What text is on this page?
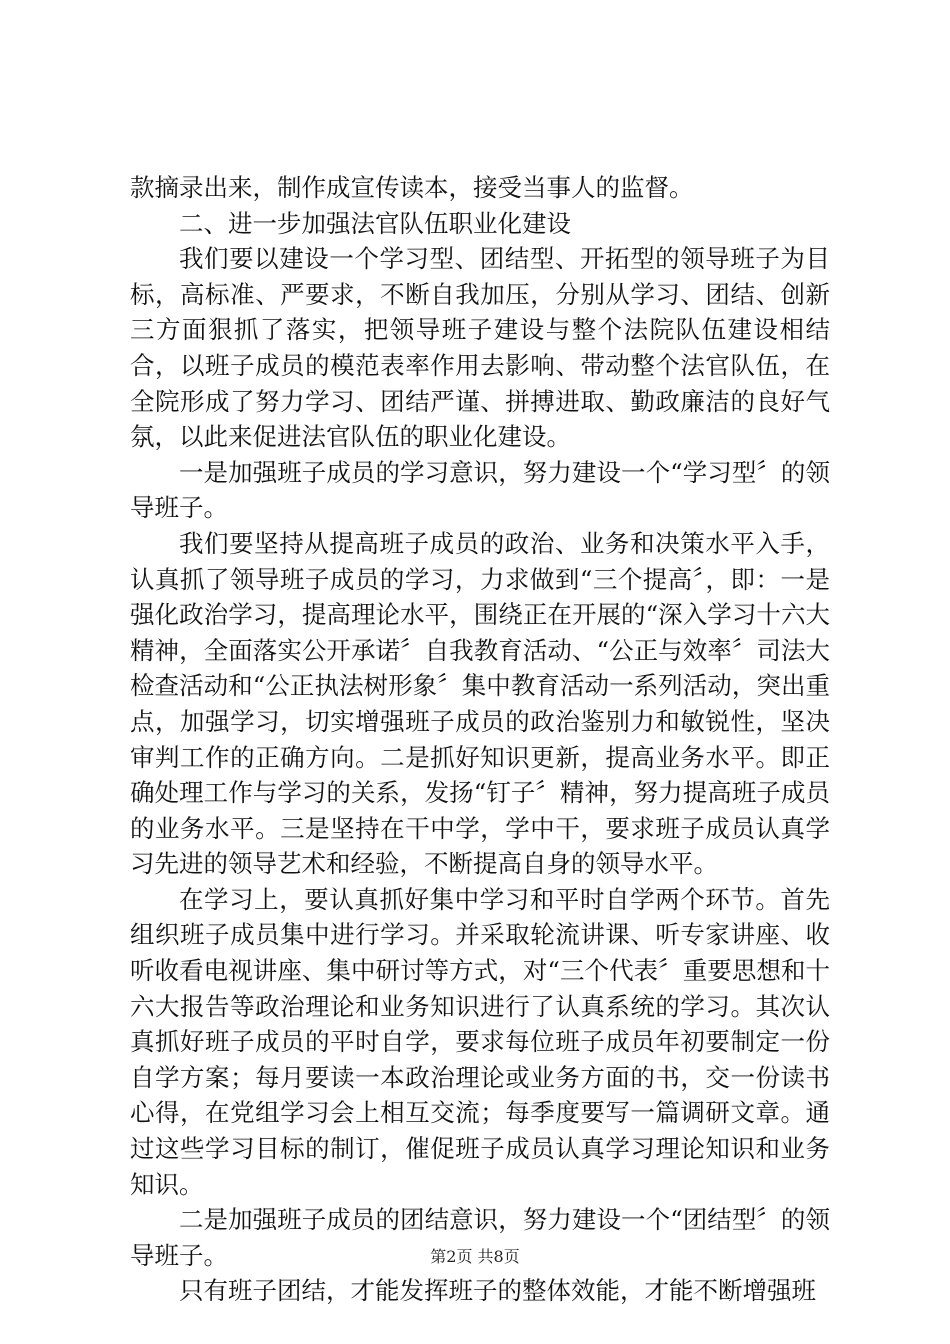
款摘录出来，制作成宣传读本，接受当事人的监督。

二、进一步加强法官队伍职业化建设

我们要以建设一个学习型、团结型、开拓型的领导班子为目标，高标准、严要求，不断自我加压，分别从学习、团结、创新三方面狠抓了落实，把领导班子建设与整个法院队伍建设相结合，以班子成员的模范表率作用去影响、带动整个法官队伍，在全院形成了努力学习、团结严谨、拼搏进取、勤政廉洁的良好气氛，以此来促进法官队伍的职业化建设。

一是加强班子成员的学习意识，努力建设一个“学习型〞的领导班子。

我们要坚持从提高班子成员的政治、业务和决策水平入手，认真抓了领导班子成员的学习，力求做到“三个提高〞，即：一是强化政治学习，提高理论水平，围绕正在开展的“深入学习十六大精神，全面落实公开承诺〞自我教育活动、“公正与效率〞司法大检查活动和“公正执法树形象〞集中教育活动一系列活动，突出重点，加强学习，切实增强班子成员的政治鉴别力和敏锐性，坚决审判工作的正确方向。二是抓好知识更新，提高业务水平。即正确处理工作与学习的关系，发扬“钉子〞精神，努力提高班子成员的业务水平。三是坚持在干中学，学中干，要求班子成员认真学习先进的领导艺术和经验，不断提高自身的领导水平。

在学习上，要认真抓好集中学习和平时自学两个环节。首先组织班子成员集中进行学习。并采取轮流讲课、听专家讲座、收听收看电视讲座、集中研讨等方式，对“三个代表〞重要思想和十六大报告等政治理论和业务知识进行了认真系统的学习。其次认真抓好班子成员的平时自学，要求每位班子成员年初要制定一份自学方案；每月要读一本政治理论或业务方面的书，交一份读书心得，在党组学习会上相互交流；每季度要写一篇调研文章。通过这些学习目标的制订，催促班子成员认真学习理论知识和业务知识。

二是加强班子成员的团结意识，努力建设一个“团结型〞的领导班子。

只有班子团结，才能发挥班子的整体效能，才能不断增强班

第2页 共8页
